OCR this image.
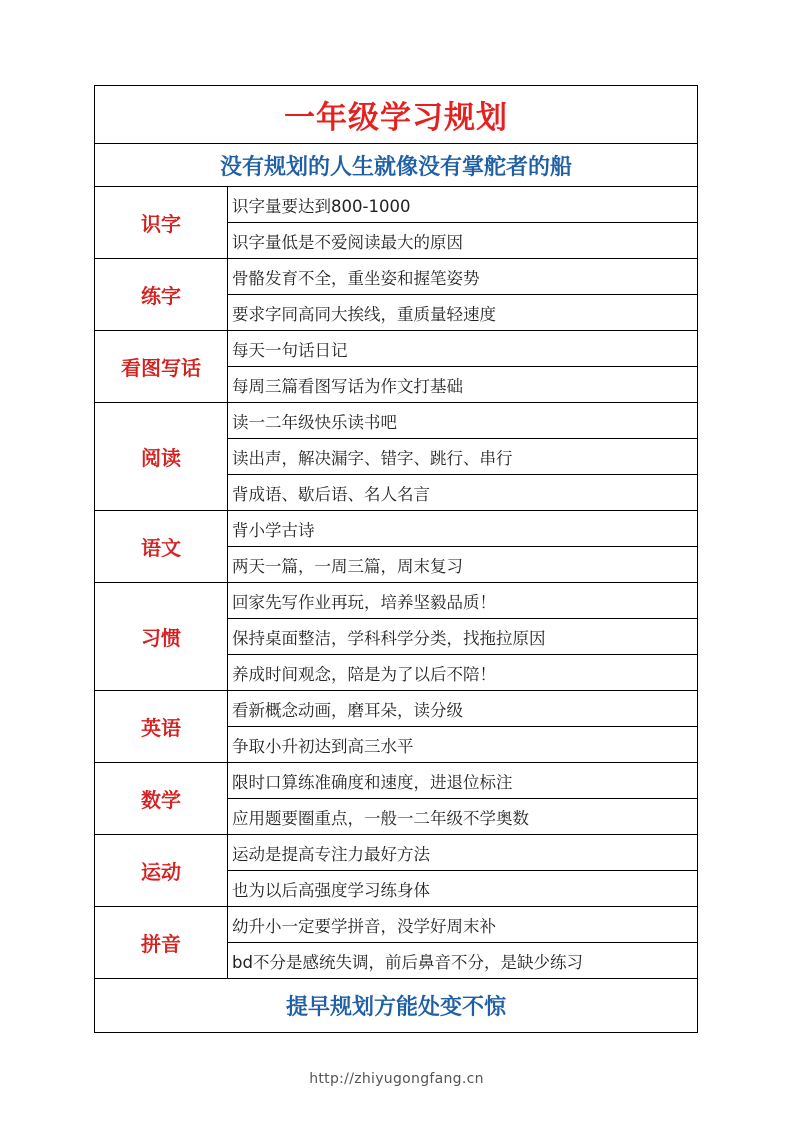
一年级学习规划	
没有规划的人生就像没有掌舵者的船	
识字	识字量要达到800-1000
	识字量低是不爱阅读最大的原因
练字	骨骼发育不全，重坐姿和握笔姿势
	要求字同高同大挨线，重质量轻速度
看图写话	每天一句话日记
	每周三篇看图写话为作文打基础
阅读	读一二年级快乐读书吧
	读出声，解决漏字、错字、跳行、串行
	背成语、歇后语、名人名言
语文	背小学古诗
	两天一篇，一周三篇，周末复习
习惯	回家先写作业再玩，培养坚毅品质！
	保持桌面整洁，学科科学分类，找拖拉原因
	养成时间观念，陪是为了以后不陪！
英语	看新概念动画，磨耳朵，读分级
	争取小升初达到高三水平
数学	限时口算练准确度和速度，进退位标注
	应用题要圈重点，一般一二年级不学奥数
运动	运动是提高专注力最好方法
	也为以后高强度学习练身体
拼音	幼升小一定要学拼音，没学好周末补
	bd不分是感统失调，前后鼻音不分，是缺少练习
提早规划方能处变不惊	
http://zhiyugongfang.cn
